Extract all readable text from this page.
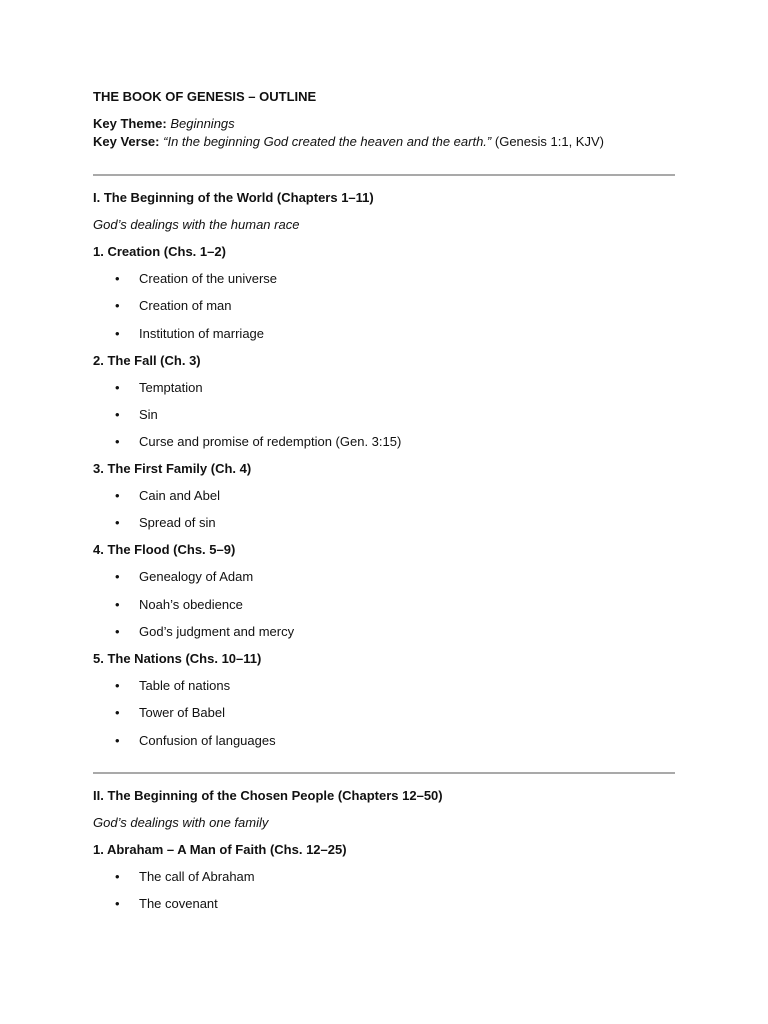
THE BOOK OF GENESIS – OUTLINE

Key Theme: Beginnings

Key Verse: “In the beginning God created the heaven and the earth.” (Genesis 1:1, KJV)

I. The Beginning of the World (Chapters 1–11)

God’s dealings with the human race

1. Creation (Chs. 1–2)

• Creation of the universe
• Creation of man
• Institution of marriage

2. The Fall (Ch. 3)

• Temptation
• Sin
• Curse and promise of redemption (Gen. 3:15)

3. The First Family (Ch. 4)

• Cain and Abel
• Spread of sin

4. The Flood (Chs. 5–9)

• Genealogy of Adam
• Noah’s obedience
• God’s judgment and mercy

5. The Nations (Chs. 10–11)

• Table of nations
• Tower of Babel
• Confusion of languages

II. The Beginning of the Chosen People (Chapters 12–50)

God’s dealings with one family

1. Abraham – A Man of Faith (Chs. 12–25)

• The call of Abraham
• The covenant
